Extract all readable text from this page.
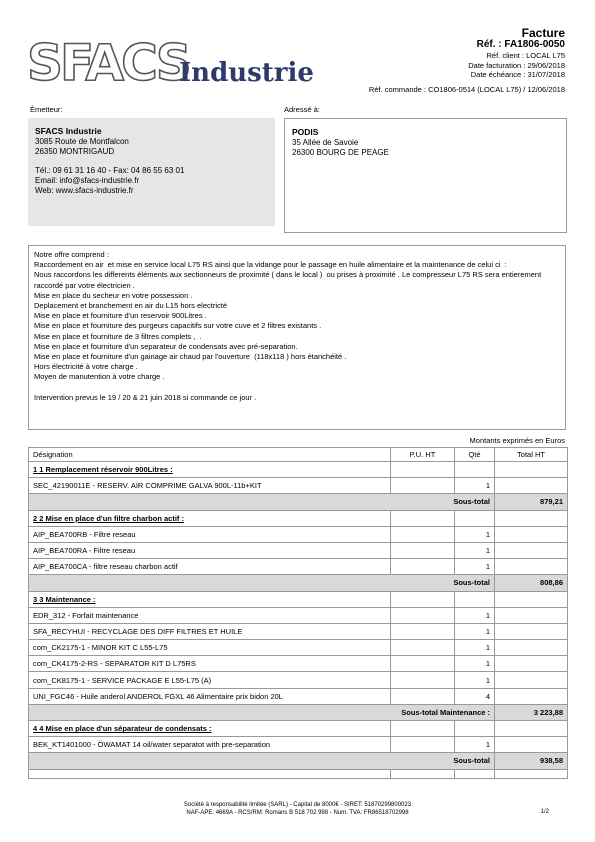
SFACS
Industrie
Facture
Réf. : FA1806-0050
Réf. client : LOCAL L75
Date facturation : 29/06/2018
Date échéance : 31/07/2018
Réf. commande : CO1806-0514 (LOCAL L75) / 12/06/2018
Émetteur:
SFACS Industrie
3085 Route de Montfalcon
26350 MONTRIGAUD
Tél.: 09 61 31 16 40 - Fax: 04 86 55 63 01
Email: info@sfacs-industrie.fr
Web: www.sfacs-industrie.fr
Adressé à:
PODIS
35 Allée de Savoie
26300 BOURG DE PEAGE
Notre offre comprend :
Raccordement en air  et mise en service local L75 RS ainsi que la vidange pour le passage en huile alimentaire et la maintenance de celui ci  :
Nous raccordons les differents éléments aux sectionneurs de proximité ( dans le local )  ou prises à proximité . Le compresseur L75 RS sera entierement raccordé par votre électricien .
Mise en place du secheur en votre possession .
Deplacement et branchement en air du L15 hors electricté
Mise en place et fourniture d'un reservoir 900Litres .
Mise en place et fourniture des purgeurs capacitifs sur votre cuve et 2 filtres existants .
Mise en place et fourniture de 3 filtres complets ,  .
Mise en place et fourniture d'un separateur de condensats avec pré-separation.
Mise en place et fourniture d'un gainage air chaud par l'ouverture  (118x118 ) hors étanchéité .
Hors électricité à votre charge .
Moyen de manutention à votre charge .
Intervention prevus le 19 / 20 & 21 juin 2018 si commande ce jour .
Montants exprimés en Euros
Désignation	P.U. HT	Qté	Total HT
1 1 Remplacement réservoir 900Litres :			
SEC_42190011E - RESERV. AIR COMPRIME GALVA 900L-11b+KIT		1	
Sous-total			879,21
2 2 Mise en place d'un filtre charbon actif :			
AIP_BEA700RB - Filtre reseau		1	
AIP_BEA700RA - Filtre reseau		1	
AIP_BEA700CA - filtre reseau charbon actif		1	
Sous-total			808,86
3 3 Maintenance :			
EDR_312 - Forfait maintenance		1	
SFA_RECYHUI - RECYCLAGE DES DIFF FILTRES ET HUILE		1	
com_CK2175-1 - MINOR KIT C L55-L75		1	
com_CK4175-2-RS - SEPARATOR KIT D L75RS		1	
com_CK8175-1 - SERVICE PACKAGE E L55-L75 (A)		1	
UNI_FGC46 - Huile anderol ANDEROL FGXL 46 Alimentaire prix bidon 20L		4	
Sous-total Maintenance :			3 223,88
4 4 Mise en place d'un séparateur de condensats :			
BEK_KT1401000 - ÖWAMAT 14 oil/water separatot with pre-separation		1	
Sous-total			938,58

Société à responsabilité limitée (SARL) - Capital de 8000€ - SIRET: 51870299800023
NAF-APE: 4669A - RCS/RM: Romans B 518 702 998 - Num. TVA: FR86518702998	1/2
